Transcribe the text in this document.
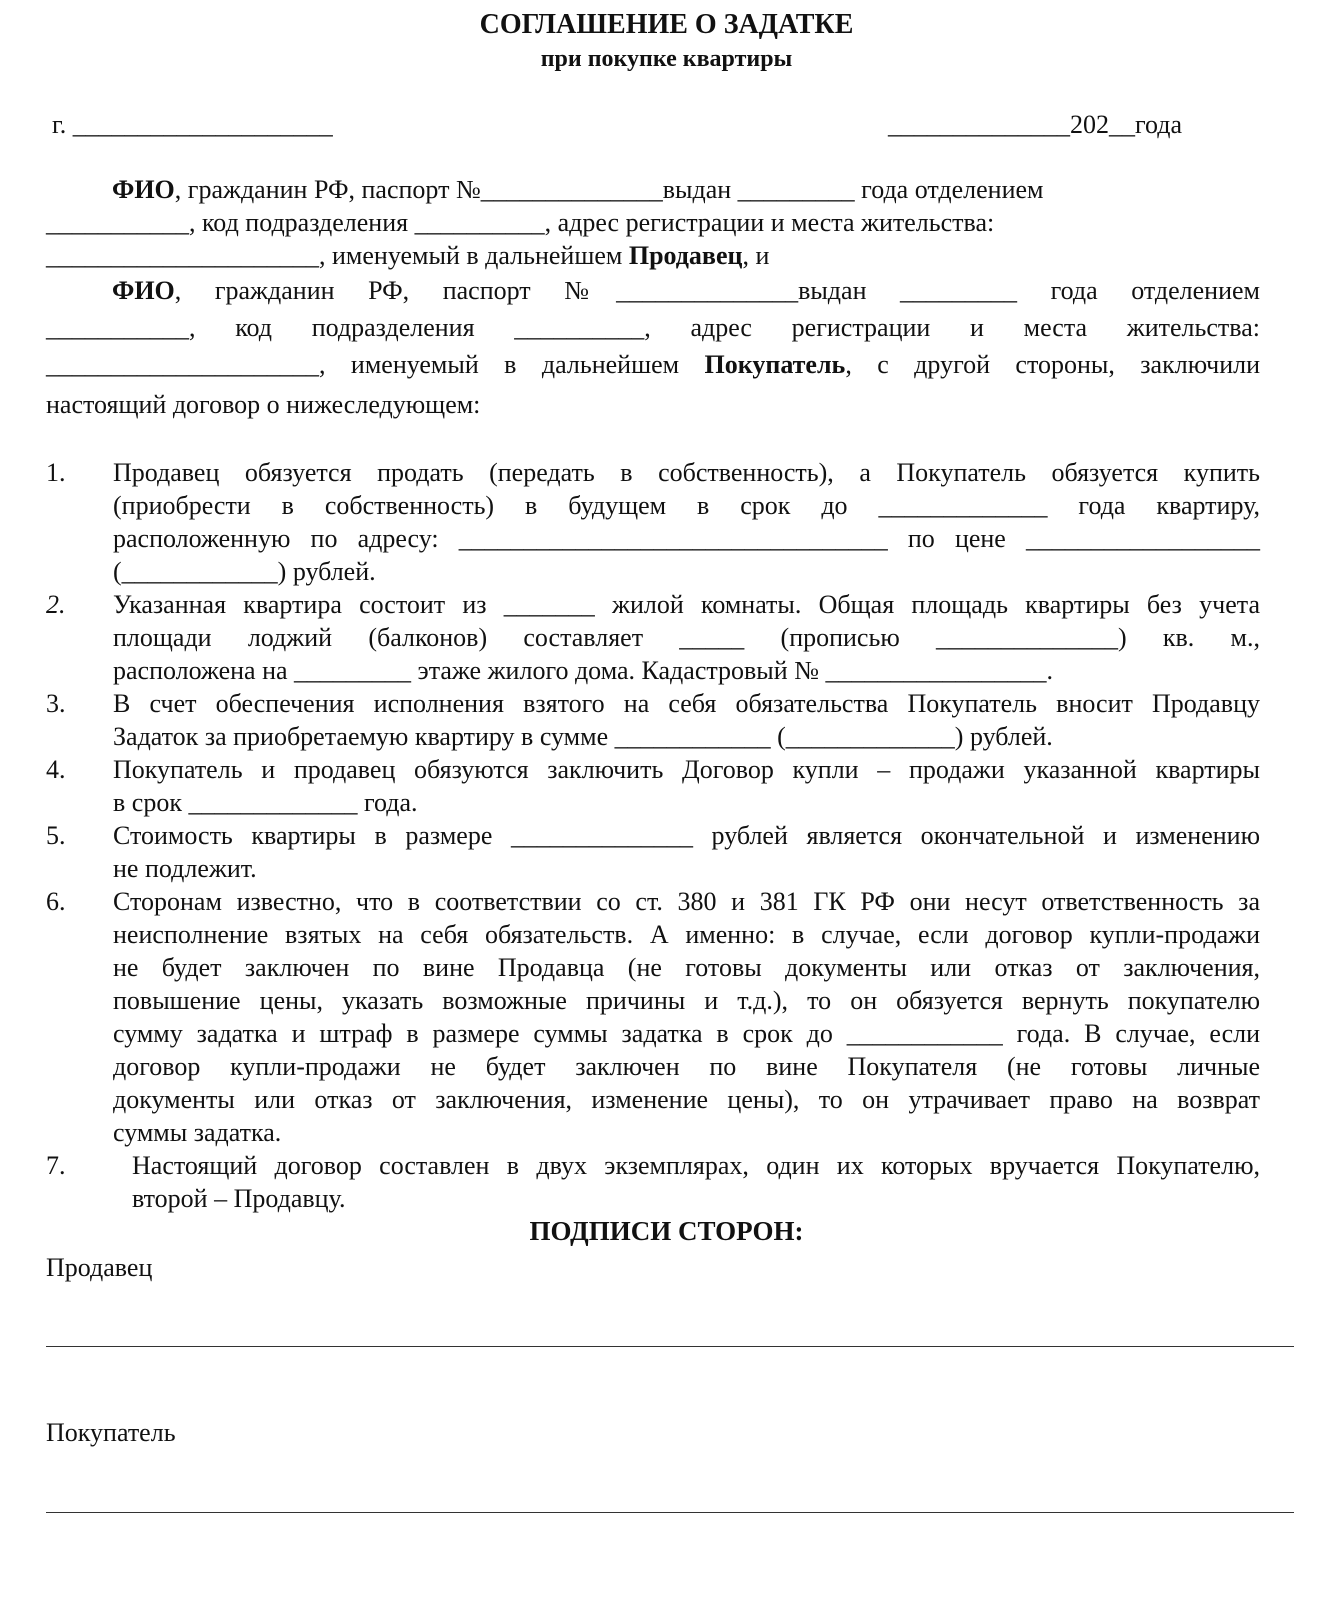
СОГЛАШЕНИЕ О ЗАДАТКЕ
при покупке квартиры
г. ____________________	______________202__года
ФИО, гражданин РФ, паспорт №______________выдан _________ года отделением
___________, код подразделения __________, адрес регистрации и места жительства:
_____________________, именуемый в дальнейшем Продавец, и
ФИО, гражданин РФ, паспорт №______________выдан _________ года отделением
___________, код подразделения __________, адрес регистрации и места жительства:
_____________________, именуемый в дальнейшем Покупатель, с другой стороны, заключили
настоящий договор о нижеследующем:
1. Продавец обязуется продать (передать в собственность), а Покупатель обязуется купить
(приобрести в собственность) в будущем в срок до _____________ года квартиру,
расположенную по адресу: _________________________________ по цене __________________
(____________) рублей.
2. Указанная квартира состоит из _______ жилой комнаты. Общая площадь квартиры без учета
площади лоджий (балконов) составляет _____ (прописью ______________) кв. м.,
расположена на _________ этаже жилого дома. Кадастровый № _________________.
3. В счет обеспечения исполнения взятого на себя обязательства Покупатель вносит Продавцу
Задаток за приобретаемую квартиру в сумме ____________ (_____________) рублей.
4. Покупатель и продавец обязуются заключить Договор купли – продажи указанной квартиры
в срок _____________ года.
5. Стоимость квартиры в размере ______________ рублей является окончательной и изменению
не подлежит.
6. Сторонам известно, что в соответствии со ст. 380 и 381 ГК РФ они несут ответственность за
неисполнение взятых на себя обязательств. А именно: в случае, если договор купли-продажи
не будет заключен по вине Продавца (не готовы документы или отказ от заключения,
повышение цены, указать возможные причины и т.д.), то он обязуется вернуть покупателю
сумму задатка и штраф в размере суммы задатка в срок до ____________ года. В случае, если
договор купли-продажи не будет заключен по вине Покупателя (не готовы личные
документы или отказ от заключения, изменение цены), то он утрачивает право на возврат
суммы задатка.
7.	Настоящий договор составлен в двух экземплярах, один их которых вручается Покупателю,
второй – Продавцу.
ПОДПИСИ СТОРОН:
Продавец
Покупатель
